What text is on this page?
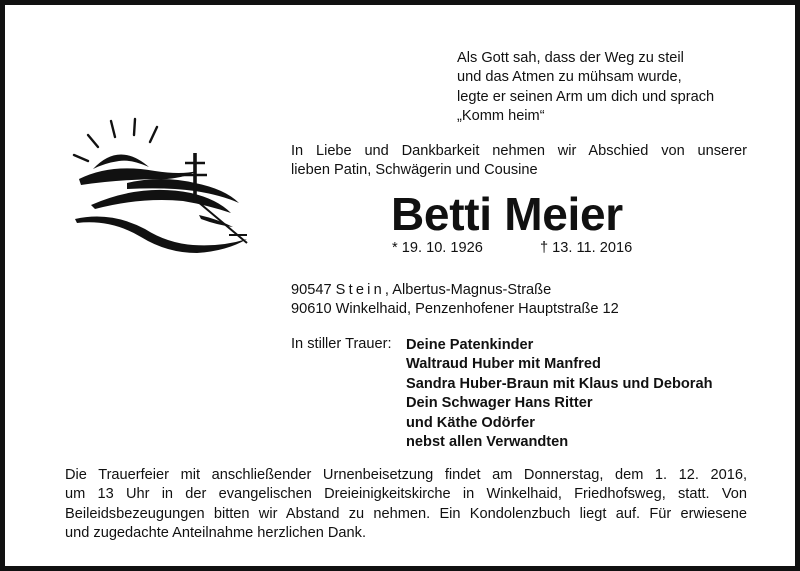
Als Gott sah, dass der Weg zu steil
und das Atmen zu mühsam wurde,
legte er seinen Arm um dich und sprach
„Komm heim“
In Liebe und Dankbarkeit nehmen wir Abschied von unserer
lieben Patin, Schwägerin und Cousine
Betti Meier
* 19. 10. 1926	† 13. 11. 2016
90547 Stein, Albertus-Magnus-Straße
90610 Winkelhaid, Penzenhofener Hauptstraße 12
In stiller Trauer: Deine Patenkinder
Waltraud Huber mit Manfred
Sandra Huber-Braun mit Klaus und Deborah
Dein Schwager Hans Ritter
und Käthe Odörfer
nebst allen Verwandten
Die Trauerfeier mit anschließender Urnenbeisetzung findet am Donnerstag, dem 1. 12. 2016,
um 13 Uhr in der evangelischen Dreieinigkeitskirche in Winkelhaid, Friedhofsweg, statt. Von
Beileidsbezeugungen bitten wir Abstand zu nehmen. Ein Kondolenzbuch liegt auf. Für erwiesene
und zugedachte Anteilnahme herzlichen Dank.
